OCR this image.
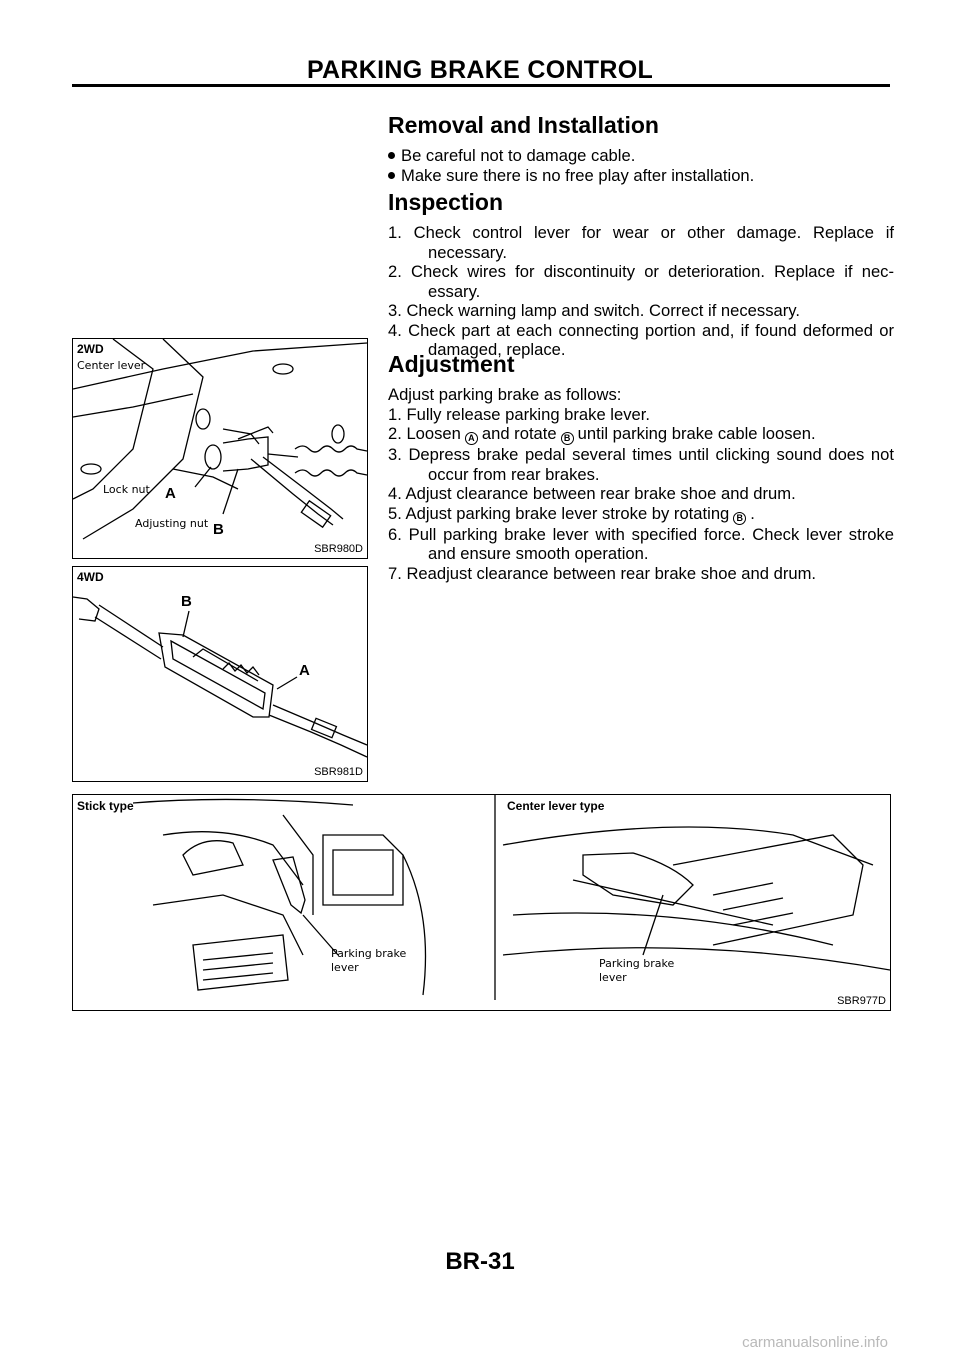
PARKING BRAKE CONTROL
Removal and Installation
Be careful not to damage cable.
Make sure there is no free play after installation.
Inspection
1. Check control lever for wear or other damage. Replace if necessary.
2. Check wires for discontinuity or deterioration. Replace if nec- essary.
3. Check warning lamp and switch. Correct if necessary.
4. Check part at each connecting portion and, if found deformed or damaged, replace.
Adjustment

Adjust parking brake as follows:

1. Fully release parking brake lever.
2. Loosen A and rotate B until parking brake cable loosen.
3. Depress brake pedal several times until clicking sound does not occur from rear brakes.
4. Adjust clearance between rear brake shoe and drum.
5. Adjust parking brake lever stroke by rotating B .
6. Pull parking brake lever with specified force. Check lever stroke and ensure smooth operation.
7. Readjust clearance between rear brake shoe and drum.
2WD
Center lever
Lock nut A
Adjusting nut B
SBR980D
4WD
B
A
SBR981D
Stick type	Center lever type
Parking brake
lever	Parking brake
lever
SBR977D
BR-31
carmanualsonline.info
